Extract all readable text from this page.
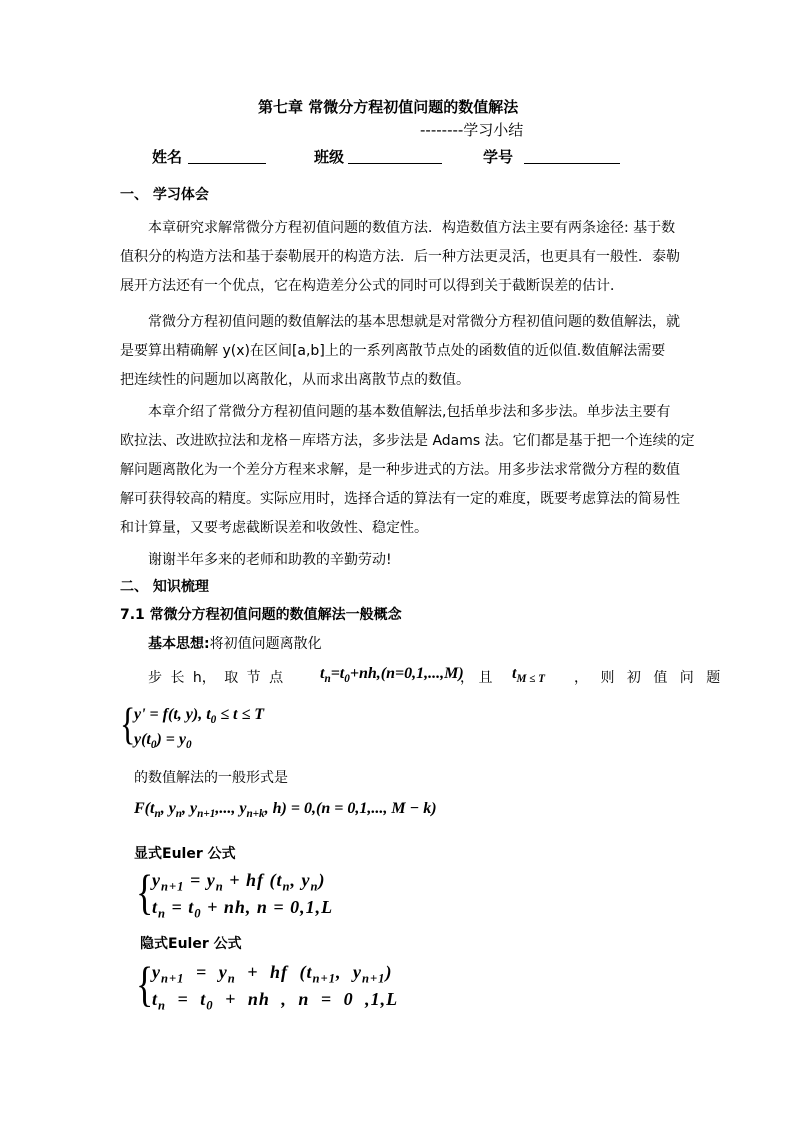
第七章 常微分方程初值问题的数值解法
--------学习小结
姓名	班级	学号
一、 学习体会
本章研究求解常微分方程初值问题的数值方法．构造数值方法主要有两条途径: 基于数
值积分的构造方法和基于泰勒展开的构造方法．后一种方法更灵活，也更具有一般性．泰勒
展开方法还有一个优点，它在构造差分公式的同时可以得到关于截断误差的估计．
常微分方程初值问题的数值解法的基本思想就是对常微分方程初值问题的数值解法，就
是要算出精确解 y(x)在区间[a,b]上的一系列离散节点处的函数值的近似值.数值解法需要
把连续性的问题加以离散化，从而求出离散节点的数值。
本章介绍了常微分方程初值问题的基本数值解法,包括单步法和多步法。单步法主要有
欧拉法、改进欧拉法和龙格－库塔方法，多步法是 Adams 法。它们都是基于把一个连续的定
解问题离散化为一个差分方程来求解，是一种步进式的方法。用多步法求常微分方程的数值
解可获得较高的精度。实际应用时，选择合适的算法有一定的难度，既要考虑算法的简易性
和计算量，又要考虑截断误差和收敛性、稳定性。
谢谢半年多来的老师和助教的辛勤劳动!
二、 知识梳理
7.1 常微分方程初值问题的数值解法一般概念
基本思想:将初值问题离散化
步 长 h， 取 节 点 $t_n=t_0+nh,(n=0,1,...,M)$
， 且 $t_{M \le T}$ ， 则 初 值 问 题
{
y' = f(t, y), $t_0 \le t \le T$
$y(t_0) = y_0$
的数值解法的一般形式是
$F(t_n$, $y_n$, $y_{n+1}$,..., $y_{n+k}$, h) = 0,(n = 0,1,..., M − k)
显式Euler 公式
{
$y_{n+1} = y_n$ + hf ($t_n$, $y_n$)
$t_n = t_0$ + nh, n = 0,1,L
隐式Euler 公式
{
$y_{n+1} = y_n$ + hf ($t_{n+1}$, $y_{n+1}$)
$t_n = t_0$ + nh , n = 0 ,1,L
